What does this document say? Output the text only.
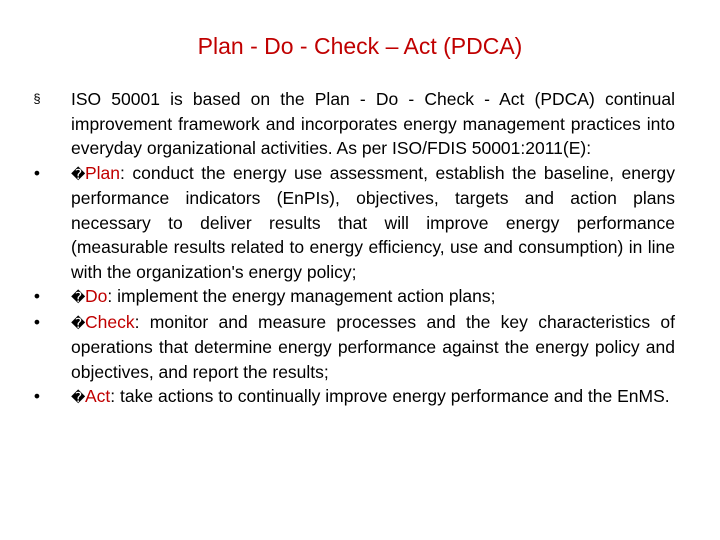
Plan - Do - Check – Act (PDCA)
§ ISO 50001 is based on the Plan - Do - Check - Act (PDCA) continual improvement framework and incorporates energy management practices into everyday organizational activities. As per ISO/FDIS 50001:2011(E):
• �Plan: conduct the energy use assessment, establish the baseline, energy performance indicators (EnPIs), objectives, targets and action plans necessary to deliver results that will improve energy performance (measurable results related to energy efficiency, use and consumption) in line with the organization's energy policy;
• �Do: implement the energy management action plans;
• �Check: monitor and measure processes and the key characteristics of operations that determine energy performance against the energy policy and objectives, and report the results;
• �Act: take actions to continually improve energy performance and the EnMS.
